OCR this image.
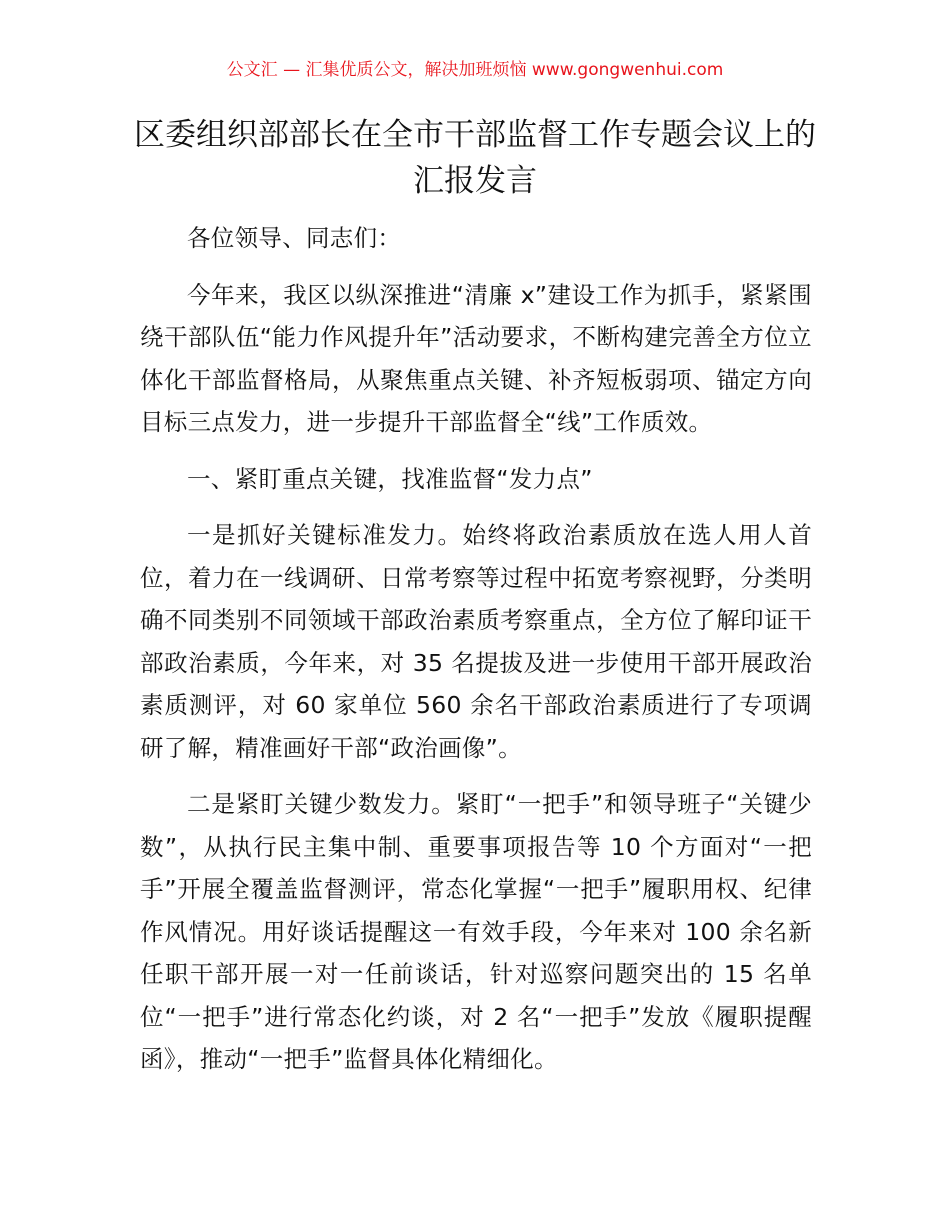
公文汇 — 汇集优质公文，解决加班烦恼 www.gongwenhui.com
区委组织部部长在全市干部监督工作专题会议上的汇报发言

各位领导、同志们：

今年来，我区以纵深推进“清廉 x”建设工作为抓手，紧紧围绕干部队伍“能力作风提升年”活动要求，不断构建完善全方位立体化干部监督格局，从聚焦重点关键、补齐短板弱项、锚定方向目标三点发力，进一步提升干部监督全“线”工作质效。

一、紧盯重点关键，找准监督“发力点”

一是抓好关键标准发力。始终将政治素质放在选人用人首位，着力在一线调研、日常考察等过程中拓宽考察视野，分类明确不同类别不同领域干部政治素质考察重点，全方位了解印证干部政治素质，今年来，对 35 名提拔及进一步使用干部开展政治素质测评，对 60 家单位 560 余名干部政治素质进行了专项调研了解，精准画好干部“政治画像”。

二是紧盯关键少数发力。紧盯“一把手”和领导班子“关键少数”，从执行民主集中制、重要事项报告等 10 个方面对“一把手”开展全覆盖监督测评，常态化掌握“一把手”履职用权、纪律作风情况。用好谈话提醒这一有效手段，今年来对 100 余名新任职干部开展一对一任前谈话，针对巡察问题突出的 15 名单位“一把手”进行常态化约谈，对 2 名“一把手”发放《履职提醒函》，推动“一把手”监督具体化精细化。
